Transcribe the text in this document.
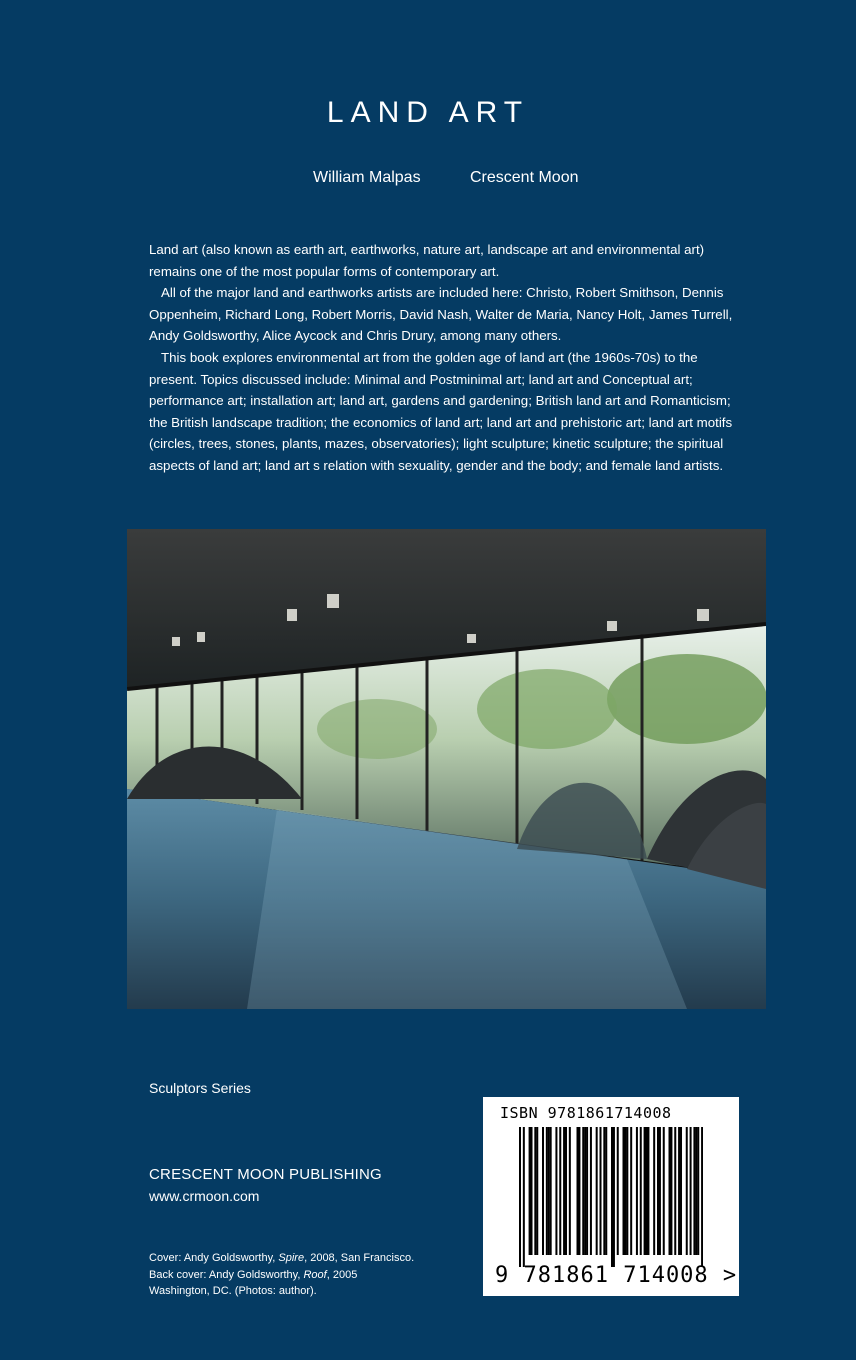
LAND ART
William Malpas	Crescent Moon

Land art (also known as earth art, earthworks, nature art, landscape art and environmental art) remains one of the most popular forms of contemporary art.

All of the major land and earthworks artists are included here: Christo, Robert Smithson, Dennis Oppenheim, Richard Long, Robert Morris, David Nash, Walter de Maria, Nancy Holt, James Turrell, Andy Goldsworthy, Alice Aycock and Chris Drury, among many others.

This book explores environmental art from the golden age of land art (the 1960s-70s) to the present. Topics discussed include: Minimal and Postminimal art; land art and Conceptual art; performance art; installation art; land art, gardens and gardening; British land art and Romanticism; the British landscape tradition; the economics of land art; land art and prehistoric art; land art motifs (circles, trees, stones, plants, mazes, observatories); light sculpture; kinetic sculpture; the spiritual aspects of land art; land art s relation with sexuality, gender and the body; and female land artists.

Sculptors Series
CRESCENT MOON PUBLISHING
www.crmoon.com
Cover: Andy Goldsworthy, Spire, 2008, San Francisco.
Back cover: Andy Goldsworthy, Roof, 2005
Washington, DC. (Photos: author).
ISBN 9781861714008
9 781861 714008 >
